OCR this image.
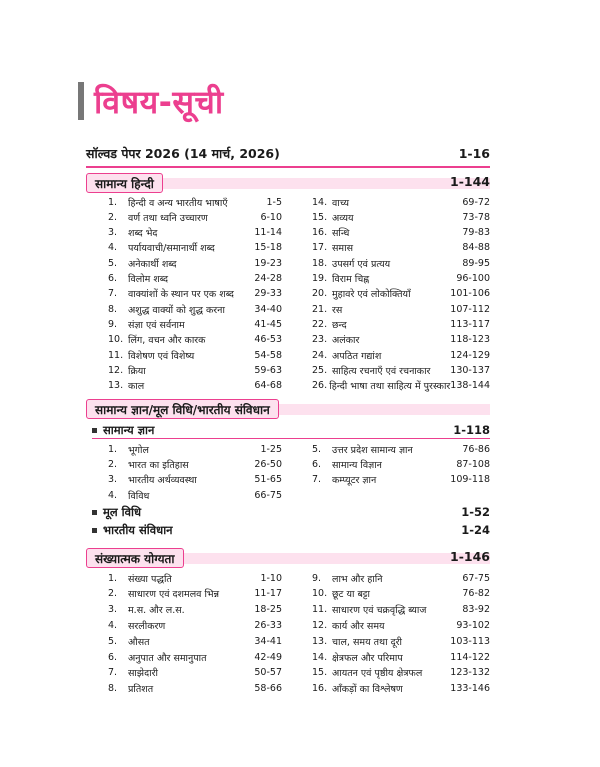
विषय-सूची
सॉल्वड पेपर 2026 (14 मार्च, 2026)	1-16
सामान्य हिन्दी	1-144
1.	हिन्दी व अन्य भारतीय भाषाएँ	1-5
2.	वर्ण तथा ध्वनि उच्चारण	6-10
3.	शब्द भेद	11-14
4.	पर्यायवाची/समानार्थी शब्द	15-18
5.	अनेकार्थी शब्द	19-23
6.	विलोम शब्द	24-28
7.	वाक्यांशों के स्थान पर एक शब्द	29-33
8.	अशुद्ध वाक्यों को शुद्ध करना	34-40
9.	संज्ञा एवं सर्वनाम	41-45
10. लिंग, वचन और कारक	46-53
11. विशेषण एवं विशेष्य	54-58
12. क्रिया	59-63
13. काल	64-68
14. वाच्य	69-72
15. अव्यय	73-78
16. सन्धि	79-83
17. समास	84-88
18. उपसर्ग एवं प्रत्यय	89-95
19. विराम चिह्न	96-100
20. मुहावरे एवं लोकोक्तियाँ	101-106
21. रस	107-112
22. छन्द	113-117
23. अलंकार	118-123
24. अपठित गद्यांश	124-129
25. साहित्य रचनाएँ एवं रचनाकार	130-137
26. हिन्दी भाषा तथा साहित्य में पुरस्कार 138-144
सामान्य ज्ञान/मूल विधि/भारतीय संविधान
सामान्य ज्ञान	1-118
1.	भूगोल	1-25
2.	भारत का इतिहास	26-50
3.	भारतीय अर्थव्यवस्था	51-65
4.	विविध	66-75
5.	उत्तर प्रदेश सामान्य ज्ञान	76-86
6.	सामान्य विज्ञान	87-108
7.	कम्प्यूटर ज्ञान	109-118
मूल विधि	1-52
भारतीय संविधान	1-24
संख्यात्मक योग्यता	1-146
1.	संख्या पद्धति	1-10
2.	साधारण एवं दशमलव भिन्न	11-17
3.	म.स. और ल.स.	18-25
4.	सरलीकरण	26-33
5.	औसत	34-41
6.	अनुपात और समानुपात	42-49
7.	साझेदारी	50-57
8.	प्रतिशत	58-66
9.	लाभ और हानि	67-75
10. छूट या बट्टा	76-82
11. साधारण एवं चक्रवृद्धि ब्याज	83-92
12. कार्य और समय	93-102
13. चाल, समय तथा दूरी	103-113
14. क्षेत्रफल और परिमाप	114-122
15. आयतन एवं पृष्ठीय क्षेत्रफल	123-132
16. आँकड़ों का विश्लेषण	133-146
